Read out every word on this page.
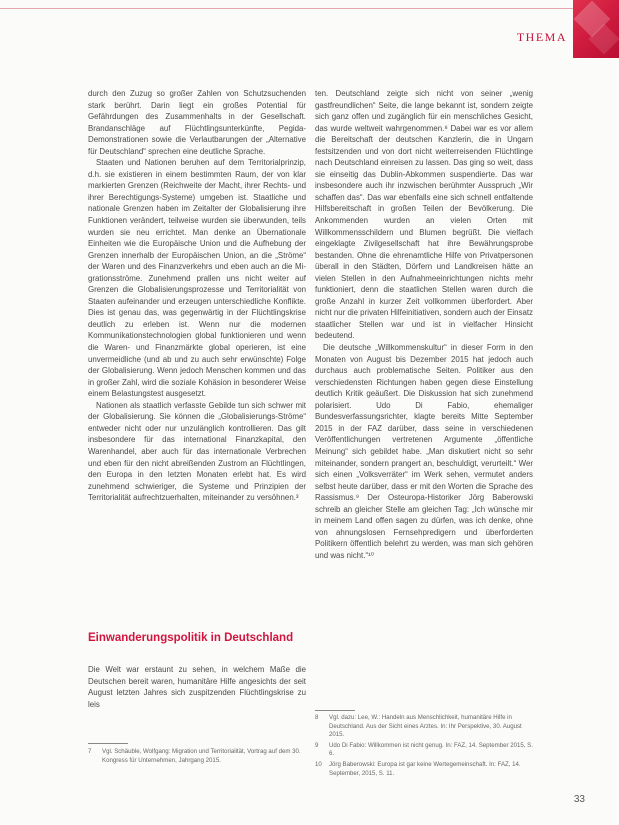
THEMA

durch den Zuzug so großer Zahlen von Schutzsuchenden stark berührt. Darin liegt ein großes Potential für Gefährdungen des Zusammenhalts in der Gesellschaft. Brandanschläge auf Flüchtlingsunterkünfte, Pegida-Demonstrationen sowie die Verlautbarungen der „Alternative für Deutschland“ sprechen eine deutliche Sprache.

Staaten und Nationen beruhen auf dem Territorialprinzip, d.h. sie existieren in einem bestimmten Raum, der von klar markierten Grenzen (Reichweite der Macht, ihrer Rechts- und ihrer Berechtigungs-Systeme) umgeben ist. Staatliche und nationale Grenzen haben im Zeitalter der Globalisierung ihre Funktionen verändert, teilweise wurden sie überwunden, teils wurden sie neu errichtet. Man denke an Übernationale Einheiten wie die Europäische Union und die Aufhebung der Grenzen innerhalb der Europäischen Union, an die „Ströme“ der Waren und des Finanzverkehrs und eben auch an die Migrationsströme. Zunehmend prallen uns nicht weiter auf Grenzen die Globalisierungsprozesse und Territorialität von Staaten aufeinander und erzeugen unterschiedliche Konflikte. Dies ist genau das, was gegenwärtig in der Flüchtlingskrise deutlich zu erleben ist. Wenn nur die modernen Kommunikationstechnologien global funktionieren und wenn die Waren- und Finanzmärkte global operieren, ist eine unvermeidliche (und ab und zu auch sehr erwünschte) Folge der Globalisierung. Wenn jedoch Menschen kommen und das in großer Zahl, wird die soziale Kohäsion in besonderer Weise einem Belastungstest ausgesetzt.

Nationen als staatlich verfasste Gebilde tun sich schwer mit der Globalisierung. Sie können die „Globalisierungs-Ströme“ entweder nicht oder nur unzulänglich kontrollieren. Das gilt insbesondere für das international Finanzkapital, den Warenhandel, aber auch für das internationale Verbrechen und eben für den nicht abreißenden Zustrom an Flüchtlingen, den Europa in den letzten Monaten erlebt hat. Es wird zunehmend schwieriger, die Systeme und Prinzipien der Territorialität aufrechtzuerhalten, miteinander zu versöhnen.³

Einwanderungspolitik in Deutschland

Die Welt war erstaunt zu sehen, in welchem Maße die Deutschen bereit waren, humanitäre Hilfe angesichts der seit August letzten Jahres sich zuspitzenden Flüchtlingskrise zu leis

7 Vgl. Schäuble, Wolfgang: Migration und Territorialität, Vortrag auf dem 30. Kongress für Unternehmen, Jahrgang 2015.

ten. Deutschland zeigte sich nicht von seiner „wenig gastfreundlichen“ Seite, die lange bekannt ist, sondern zeigte sich ganz offen und zugänglich für ein menschliches Gesicht, das wurde weltweit wahrgenommen.⁸ Dabei war es vor allem die Bereitschaft der deutschen Kanzlerin, die in Ungarn festsitzenden und von dort nicht weiterreisenden Flüchtlinge nach Deutschland einreisen zu lassen. Das ging so weit, dass sie einseitig das Dublin-Abkommen suspendierte. Das war insbesondere auch ihr inzwischen berühmter Ausspruch „Wir schaffen das“. Das war ebenfalls eine sich schnell entfaltende Hilfsbereitschaft in großen Teilen der Bevölkerung. Die Ankommenden wurden an vielen Orten mit Willkommensschildern und Blumen begrüßt. Die vielfach eingeklagte Zivilgesellschaft hat ihre Bewährungsprobe bestanden. Ohne die ehrenamtliche Hilfe von Privatpersonen überall in den Städten, Dörfern und Landkreisen hätte an vielen Stellen in den Aufnahmeeinrichtungen nichts mehr funktioniert, denn die staatlichen Stellen waren durch die große Anzahl in kurzer Zeit vollkommen überfordert. Aber nicht nur die privaten Hilfeinitiativen, sondern auch der Einsatz staatlicher Stellen war und ist in vielfacher Hinsicht bedeutend.

Die deutsche „Willkommenskultur“ in dieser Form in den Monaten von August bis Dezember 2015 hat jedoch auch durchaus auch problematische Seiten. Politiker aus den verschiedensten Richtungen haben gegen diese Einstellung deutlich Kritik geäußert. Die Diskussion hat sich zunehmend polarisiert. Udo Di Fabio, ehemaliger Bundesverfassungsrichter, klagte bereits Mitte September 2015 in der FAZ darüber, dass seine in verschiedenen Veröffentlichungen vertretenen Argumente „öffentliche Meinung“ sich gebildet habe. „Man diskutiert nicht so sehr miteinander, sondern prangert an, beschuldigt, verurteilt.“ Wer sich einen „Volksverräter“ im Werk sehen, vermutet anders selbst heute darüber, dass er mit den Worten die Sprache des Rassismus.⁹ Der Osteuropa-Historiker Jörg Baberowski schreib an gleicher Stelle am gleichen Tag: „Ich wünsche mir in meinem Land offen sagen zu dürfen, was ich denke, ohne von ahnungslosen Fernsehpredigern und überforderten Politikern öffentlich belehrt zu werden, was man sich gehören und was nicht.“¹⁰

8 Vgl. dazu: Lee, W.: Handeln aus Menschlichkeit, humanitäre Hilfe in Deutschland. Aus der Sicht eines Arztes. In: Ihr Perspektive, 30. August 2015.

9 Udo Di Fabio: Willkommen ist nicht genug. In: FAZ, 14. September 2015, S. 6.

10 Jörg Baberowski: Europa ist gar keine Wertegemeinschaft. In: FAZ, 14. September, 2015, S. 11.

33
